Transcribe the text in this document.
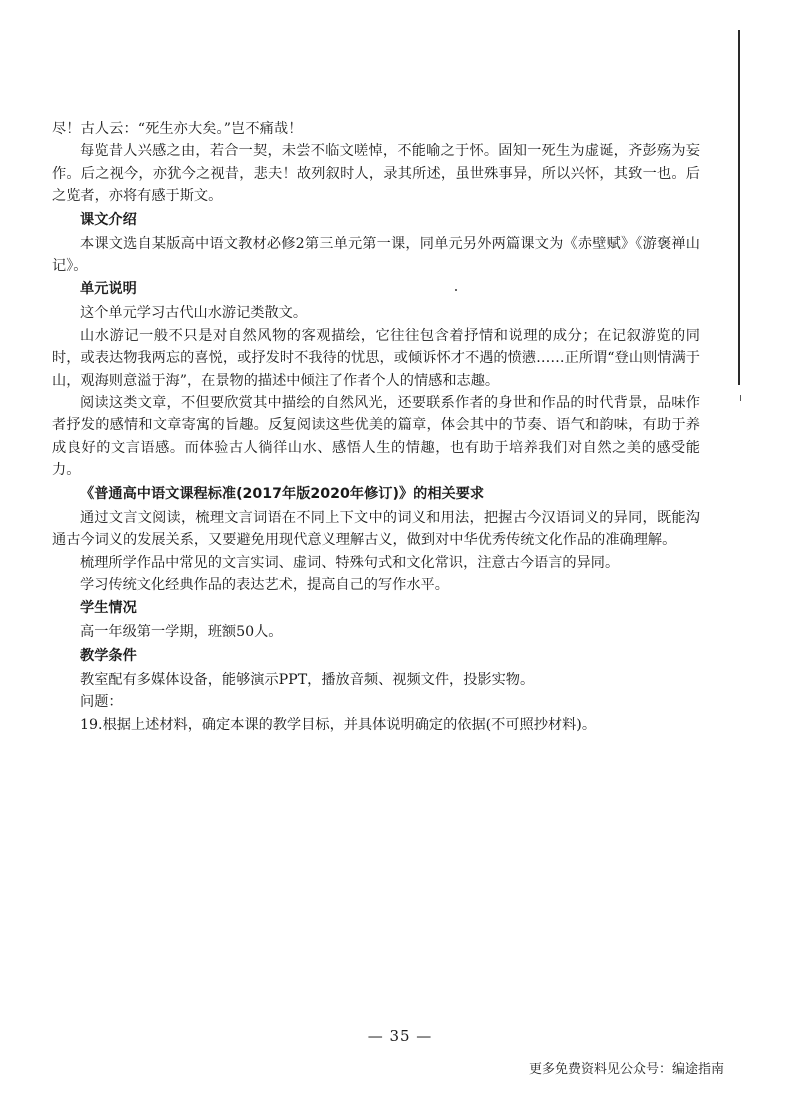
尽！古人云：“死生亦大矣。”岂不痛哉！

每览昔人兴感之由，若合一契，未尝不临文嗟悼，不能喻之于怀。固知一死生为虚诞，齐彭殇为妄作。后之视今，亦犹今之视昔，悲夫！故列叙时人，录其所述，虽世殊事异，所以兴怀，其致一也。后之览者，亦将有感于斯文。

课文介绍

本课文选自某版高中语文教材必修2第三单元第一课，同单元另外两篇课文为《赤壁赋》《游褒禅山记》。

单元说明

这个单元学习古代山水游记类散文。

山水游记一般不只是对自然风物的客观描绘，它往往包含着抒情和说理的成分；在记叙游览的同时，或表达物我两忘的喜悦，或抒发时不我待的忧思，或倾诉怀才不遇的愤懑……正所谓“登山则情满于山，观海则意溢于海”，在景物的描述中倾注了作者个人的情感和志趣。

阅读这类文章，不但要欣赏其中描绘的自然风光，还要联系作者的身世和作品的时代背景，品味作者抒发的感情和文章寄寓的旨趣。反复阅读这些优美的篇章，体会其中的节奏、语气和韵味，有助于养成良好的文言语感。而体验古人徜徉山水、感悟人生的情趣，也有助于培养我们对自然之美的感受能力。

《普通高中语文课程标准(2017年版2020年修订)》的相关要求

通过文言文阅读，梳理文言词语在不同上下文中的词义和用法，把握古今汉语词义的异同，既能沟通古今词义的发展关系，又要避免用现代意义理解古义，做到对中华优秀传统文化作品的准确理解。

梳理所学作品中常见的文言实词、虚词、特殊句式和文化常识，注意古今语言的异同。

学习传统文化经典作品的表达艺术，提高自己的写作水平。

学生情况

高一年级第一学期，班额50人。

教学条件

教室配有多媒体设备，能够演示PPT，播放音频、视频文件，投影实物。

问题：

19.根据上述材料，确定本课的教学目标，并具体说明确定的依据(不可照抄材料)。

— 35 —
更多免费资料见公众号：编途指南
